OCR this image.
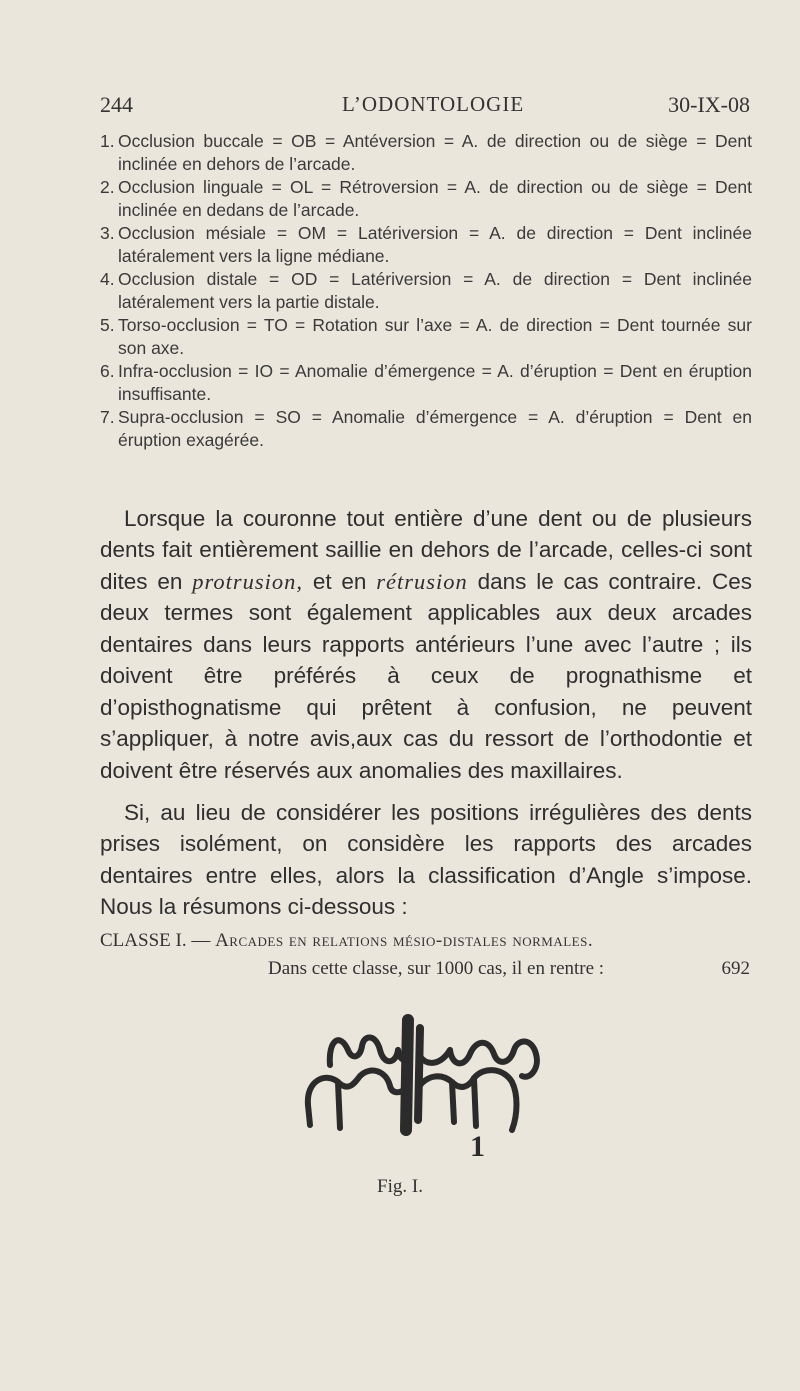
244	L’ODONTOLOGIE	30-IX-08
1. Occlusion buccale = OB = Antéversion = A. de direction ou de siège = Dent inclinée en dehors de l’arcade.
2. Occlusion linguale = OL = Rétroversion = A. de direction ou de siège = Dent inclinée en dedans de l’arcade.
3. Occlusion mésiale = OM = Latériversion = A. de direction = Dent inclinée latéralement vers la ligne médiane.
4. Occlusion distale = OD = Latériversion = A. de direction = Dent inclinée latéralement vers la partie distale.
5. Torso-occlusion = TO = Rotation sur l’axe = A. de direction = Dent tournée sur son axe.
6. Infra-occlusion = IO = Anomalie d’émergence = A. d’éruption = Dent en éruption insuffisante.
7. Supra-occlusion = SO = Anomalie d’émergence = A. d’éruption = Dent en éruption exagérée.

Lorsque la couronne tout entière d’une dent ou de plusieurs dents fait entièrement saillie en dehors de l’arcade, celles-ci sont dites en protrusion, et en rétrusion dans le cas contraire. Ces deux termes sont également applicables aux deux arcades dentaires dans leurs rapports antérieurs l’une avec l’autre ; ils doivent être préférés à ceux de prognathisme et d’opisthognatisme qui prêtent à confusion, ne peuvent s’appliquer, à notre avis,aux cas du ressort de l’orthodontie et doivent être réservés aux anomalies des maxillaires.

Si, au lieu de considérer les positions irrégulières des dents prises isolément, on considère les rapports des arcades dentaires entre elles, alors la classification d’Angle s’impose. Nous la résumons ci-dessous :

CLASSE I. — Arcades en relations mésio-distales normales.
Dans cette classe, sur 1000 cas, il en rentre :	692
1
Fig. I.
